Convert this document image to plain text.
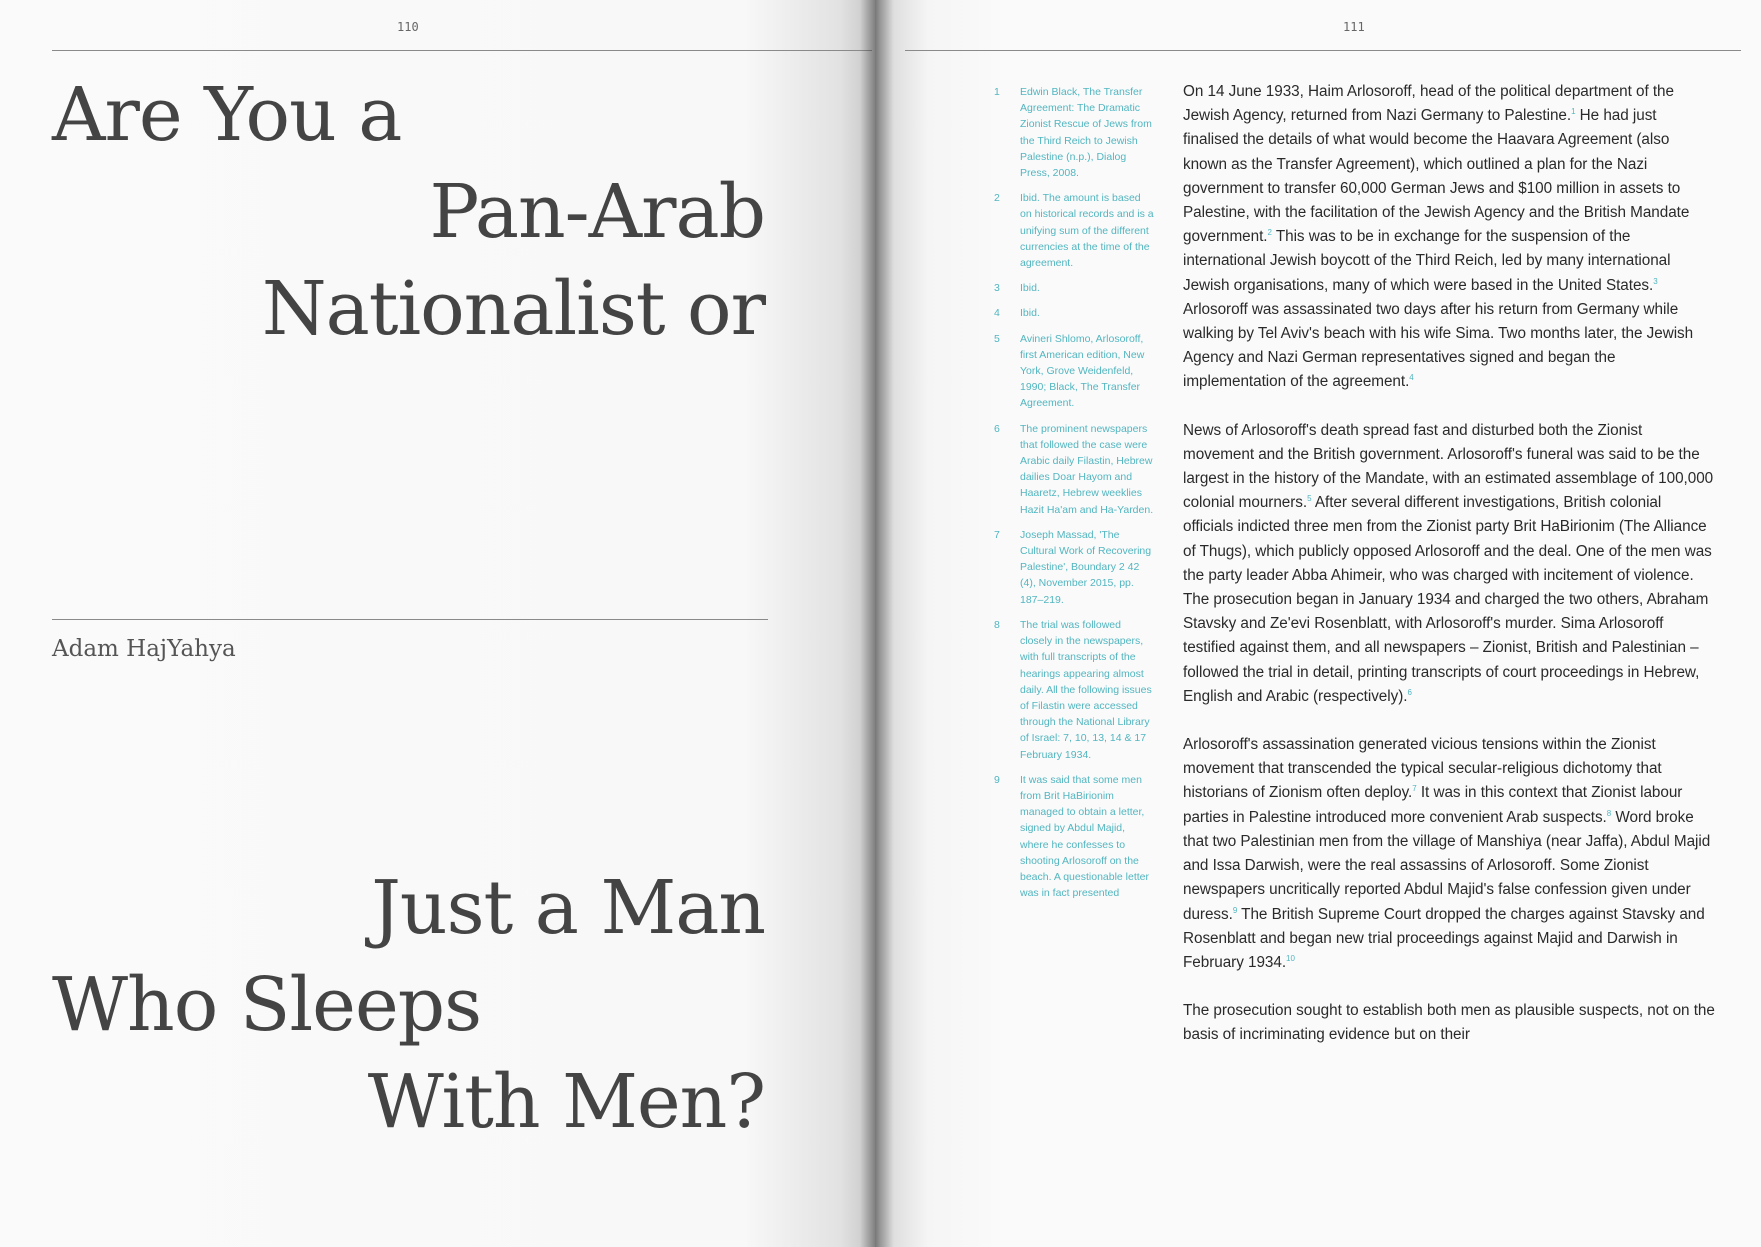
110
Are You a
Pan-Arab
Nationalist or
Adam HajYahya
Just a Man
Who Sleeps
With Men?
111
1	Edwin Black, The Transfer Agreement: The Dramatic Zionist Rescue of Jews from the Third Reich to Jewish Palestine (n.p.), Dialog Press, 2008.
2	Ibid. The amount is based on historical records and is a unifying sum of the different currencies at the time of the agreement.
3	Ibid.
4	Ibid.
5	Avineri Shlomo, Arlosoroff, first American edition, New York, Grove Weidenfeld, 1990; Black, The Transfer Agreement.
6	The prominent newspapers that followed the case were Arabic daily Filastin, Hebrew dailies Doar Hayom and Haaretz, Hebrew weeklies Hazit Ha'am and Ha-Yarden.
7	Joseph Massad, 'The Cultural Work of Recovering Palestine', Boundary 2 42 (4), November 2015, pp. 187–219.
8	The trial was followed closely in the newspapers, with full transcripts of the hearings appearing almost daily. All the following issues of Filastin were accessed through the National Library of Israel: 7, 10, 13, 14 & 17 February 1934.
9	It was said that some men from Brit HaBirionim managed to obtain a letter, signed by Abdul Majid, where he confesses to shooting Arlosoroff on the beach. A questionable letter was in fact presented

On 14 June 1933, Haim Arlosoroff, head of the political department of the Jewish Agency, returned from Nazi Germany to Palestine.$^1$ He had just finalised the details of what would become the Haavara Agreement (also known as the Transfer Agreement), which outlined a plan for the Nazi government to transfer 60,000 German Jews and $100 million in assets to Palestine, with the facilitation of the Jewish Agency and the British Mandate government.$^2$ This was to be in exchange for the suspension of the international Jewish boycott of the Third Reich, led by many international Jewish organisations, many of which were based in the United States.$^3$ Arlosoroff was assassinated two days after his return from Germany while walking by Tel Aviv's beach with his wife Sima. Two months later, the Jewish Agency and Nazi German representatives signed and began the implementation of the agreement.$^4$

News of Arlosoroff's death spread fast and disturbed both the Zionist movement and the British government. Arlosoroff's funeral was said to be the largest in the history of the Mandate, with an estimated assemblage of 100,000 colonial mourners.$^5$ After several different investigations, British colonial officials indicted three men from the Zionist party Brit HaBirionim (The Alliance of Thugs), which publicly opposed Arlosoroff and the deal. One of the men was the party leader Abba Ahimeir, who was charged with incitement of violence. The prosecution began in January 1934 and charged the two others, Abraham Stavsky and Ze'evi Rosenblatt, with Arlosoroff's murder. Sima Arlosoroff testified against them, and all newspapers – Zionist, British and Palestinian – followed the trial in detail, printing transcripts of court proceedings in Hebrew, English and Arabic (respectively).$^6$

Arlosoroff's assassination generated vicious tensions within the Zionist movement that transcended the typical secular-religious dichotomy that historians of Zionism often deploy.$^7$ It was in this context that Zionist labour parties in Palestine introduced more convenient Arab suspects.$^8$ Word broke that two Palestinian men from the village of Manshiya (near Jaffa), Abdul Majid and Issa Darwish, were the real assassins of Arlosoroff. Some Zionist newspapers uncritically reported Abdul Majid's false confession given under duress.$^9$ The British Supreme Court dropped the charges against Stavsky and Rosenblatt and began new trial proceedings against Majid and Darwish in February 1934.10

The prosecution sought to establish both men as plausible suspects, not on the basis of incriminating evidence but on their
